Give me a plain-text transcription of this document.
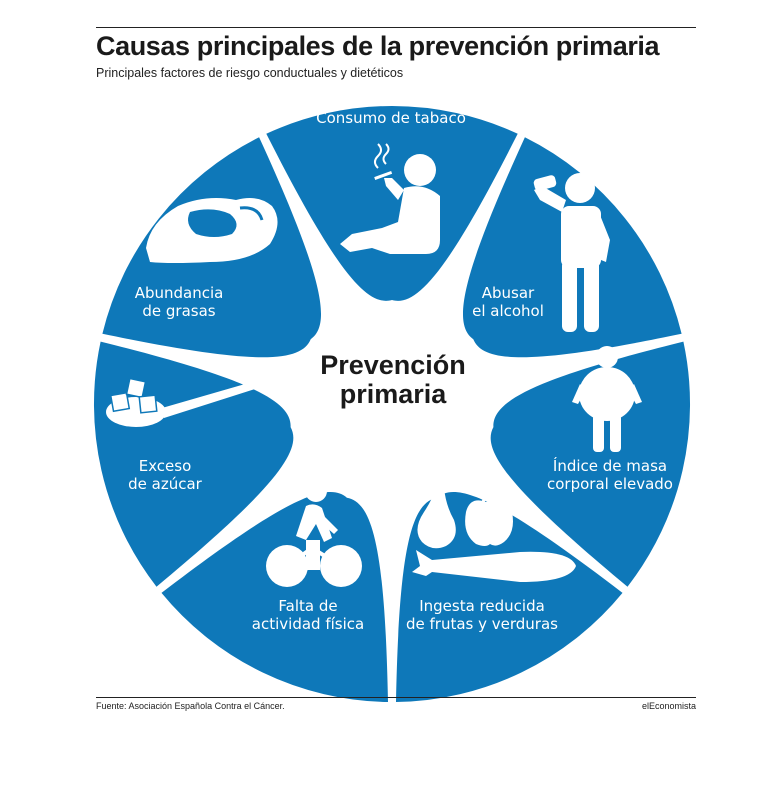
Causas principales de la prevención primaria
Principales factores de riesgo conductuales y dietéticos
Consumo de tabaco
Abusar
el alcohol
Índice de masa
corporal elevado
Ingesta reducida
de frutas y verduras
Falta de
actividad física
Exceso
de azúcar
Abundancia
de grasas
Prevención
primaria
Fuente: Asociación Española Contra el Cáncer.	elEconomista
